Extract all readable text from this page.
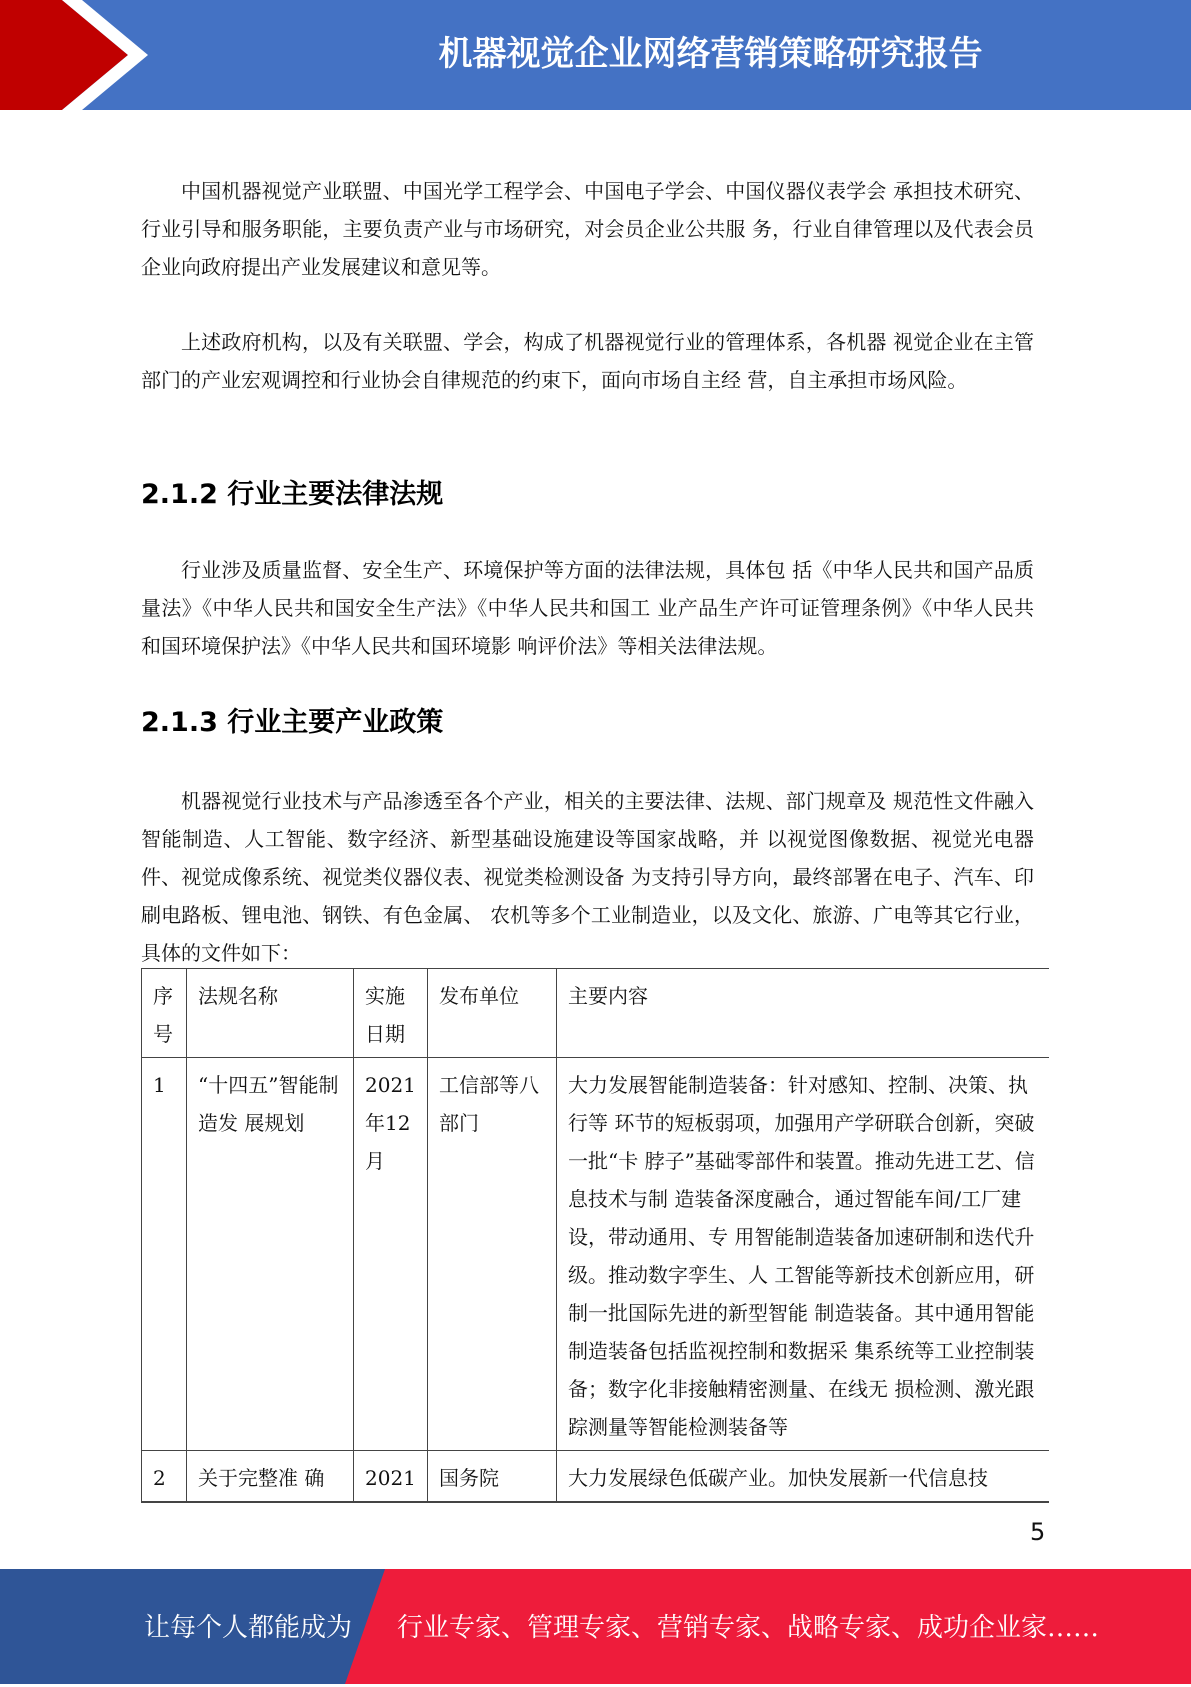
机器视觉企业网络营销策略研究报告

中国机器视觉产业联盟、中国光学工程学会、中国电子学会、中国仪器仪表学会 承担技术研究、行业引导和服务职能，主要负责产业与市场研究，对会员企业公共服 务，行业自律管理以及代表会员企业向政府提出产业发展建议和意见等。

上述政府机构，以及有关联盟、学会，构成了机器视觉行业的管理体系，各机器 视觉企业在主管部门的产业宏观调控和行业协会自律规范的约束下，面向市场自主经 营，自主承担市场风险。

2.1.2 行业主要法律法规

行业涉及质量监督、安全生产、环境保护等方面的法律法规，具体包 括《中华人民共和国产品质量法》《中华人民共和国安全生产法》《中华人民共和国工 业产品生产许可证管理条例》《中华人民共和国环境保护法》《中华人民共和国环境影 响评价法》等相关法律法规。

2.1.3 行业主要产业政策

机器视觉行业技术与产品渗透至各个产业，相关的主要法律、法规、部门规章及 规范性文件融入智能制造、人工智能、数字经济、新型基础设施建设等国家战略，并 以视觉图像数据、视觉光电器件、视觉成像系统、视觉类仪器仪表、视觉类检测设备 为支持引导方向，最终部署在电子、汽车、印刷电路板、锂电池、钢铁、有色金属、 农机等多个工业制造业，以及文化、旅游、广电等其它行业，具体的文件如下：

序号	法规名称	实施日期	发布单位	主要内容
1	“十四五”智能制造发 展规划	2021年12月	工信部等八部门	大力发展智能制造装备：针对感知、控制、决策、执行等 环节的短板弱项，加强用产学研联合创新，突破一批“卡 脖子”基础零部件和装置。推动先进工艺、信息技术与制 造装备深度融合，通过智能车间/工厂建设，带动通用、专 用智能制造装备加速研制和迭代升级。推动数字孪生、人 工智能等新技术创新应用，研制一批国际先进的新型智能 制造装备。其中通用智能制造装备包括监视控制和数据采 集系统等工业控制装备；数字化非接触精密测量、在线无 损检测、激光跟踪测量等智能检测装备等
2	关于完整准 确	2021	国务院	大力发展绿色低碳产业。加快发展新一代信息技
5
让每个人都能成为 行业专家、管理专家、营销专家、战略专家、成功企业家……
